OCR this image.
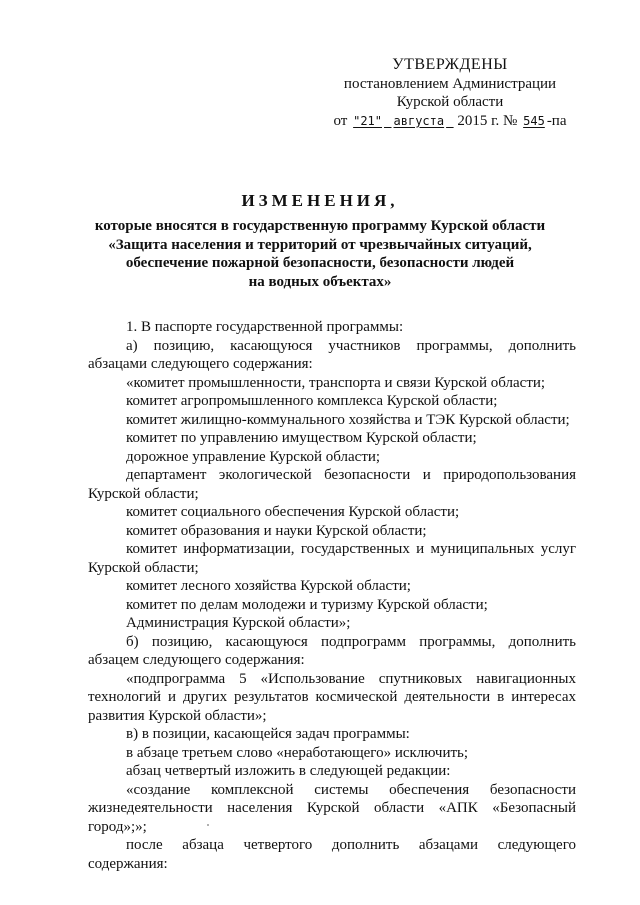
УТВЕРЖДЕНЫ
постановлением Администрации
Курской области
от "21" августа 2015 г. № 545 -па
ИЗМЕНЕНИЯ,
которые вносятся в государственную программу Курской области
«Защита населения и территорий от чрезвычайных ситуаций,
обеспечение пожарной безопасности, безопасности людей
на водных объектах»
1. В паспорте государственной программы:
а) позицию, касающуюся участников программы, дополнить абзацами следующего содержания:
«комитет промышленности, транспорта и связи Курской области;
комитет агропромышленного комплекса Курской области;
комитет жилищно-коммунального хозяйства и ТЭК Курской области;
комитет по управлению имуществом Курской области;
дорожное управление Курской области;
департамент экологической безопасности и природопользования Курской области;
комитет социального обеспечения Курской области;
комитет образования и науки Курской области;
комитет информатизации, государственных и муниципальных услуг Курской области;
комитет лесного хозяйства Курской области;
комитет по делам молодежи и туризму Курской области;
Администрация Курской области»;
б) позицию, касающуюся подпрограмм программы, дополнить абзацем следующего содержания:
«подпрограмма 5 «Использование спутниковых навигационных технологий и других результатов космической деятельности в интересах развития Курской области»;
в) в позиции, касающейся задач программы:
в абзаце третьем слово «неработающего» исключить;
абзац четвертый изложить в следующей редакции:
«создание комплексной системы обеспечения безопасности жизнедеятельности населения Курской области «АПК «Безопасный город»;»;
после абзаца четвертого дополнить абзацами следующего содержания:
